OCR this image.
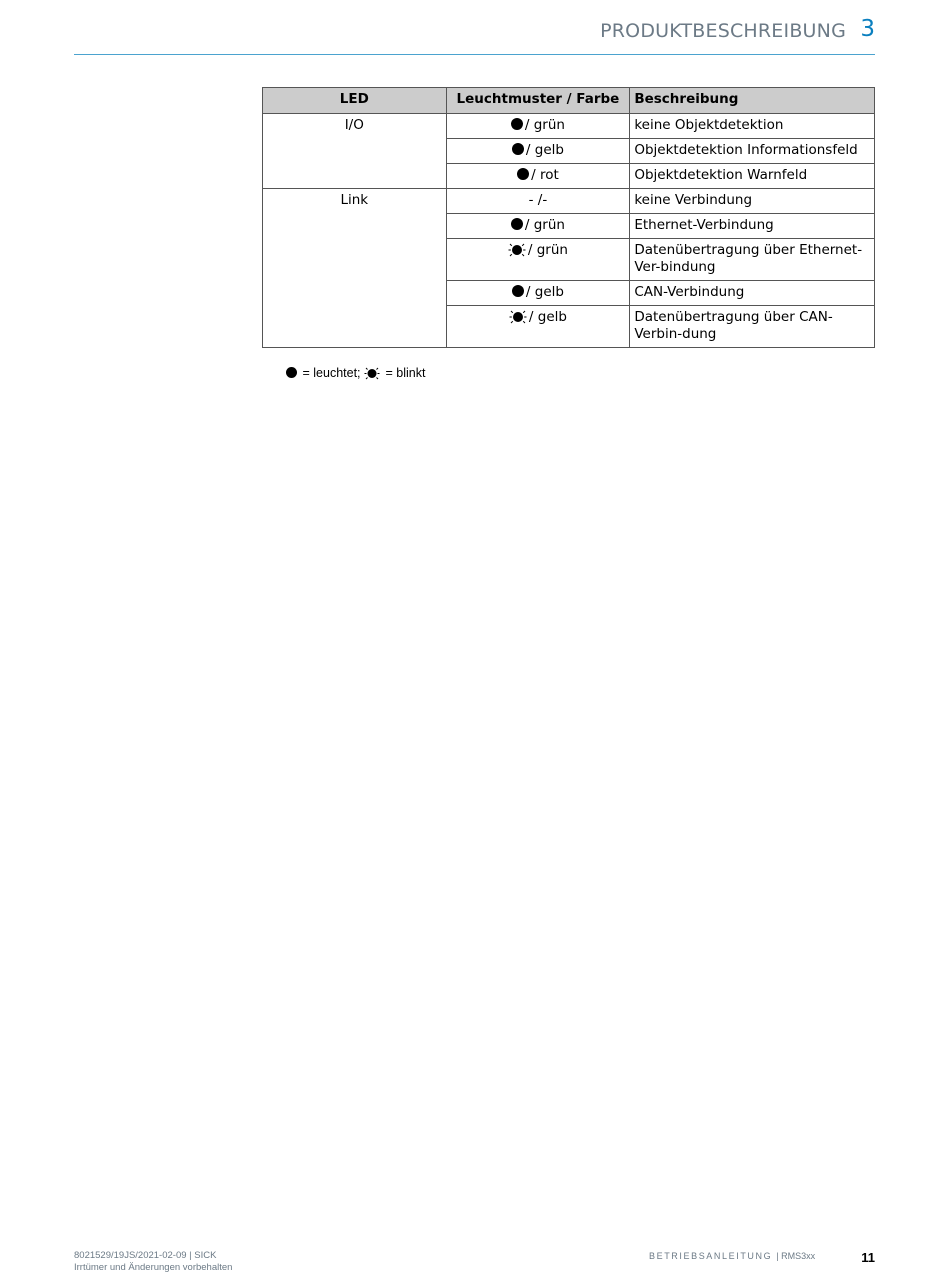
PRODUKTBESCHREIBUNG 3
LED	Leuchtmuster / Farbe	Beschreibung
I/O	/ grün	keine Objektdetektion
	/ gelb	Objektdetektion Informationsfeld
	/ rot	Objektdetektion Warnfeld
Link	- /-	keine Verbindung
	/ grün	Ethernet-Verbindung
	/ grün	Datenübertragung über Ethernet-Ver-bindung
	/ gelb	CAN-Verbindung
	/ gelb	Datenübertragung über CAN-Verbin-dung
= leuchtet; = blinkt
8021529/19JS/2021-02-09 | SICK
Irrtümer und Änderungen vorbehalten
BETRIEBSANLEITUNG | RMS3xx	11
